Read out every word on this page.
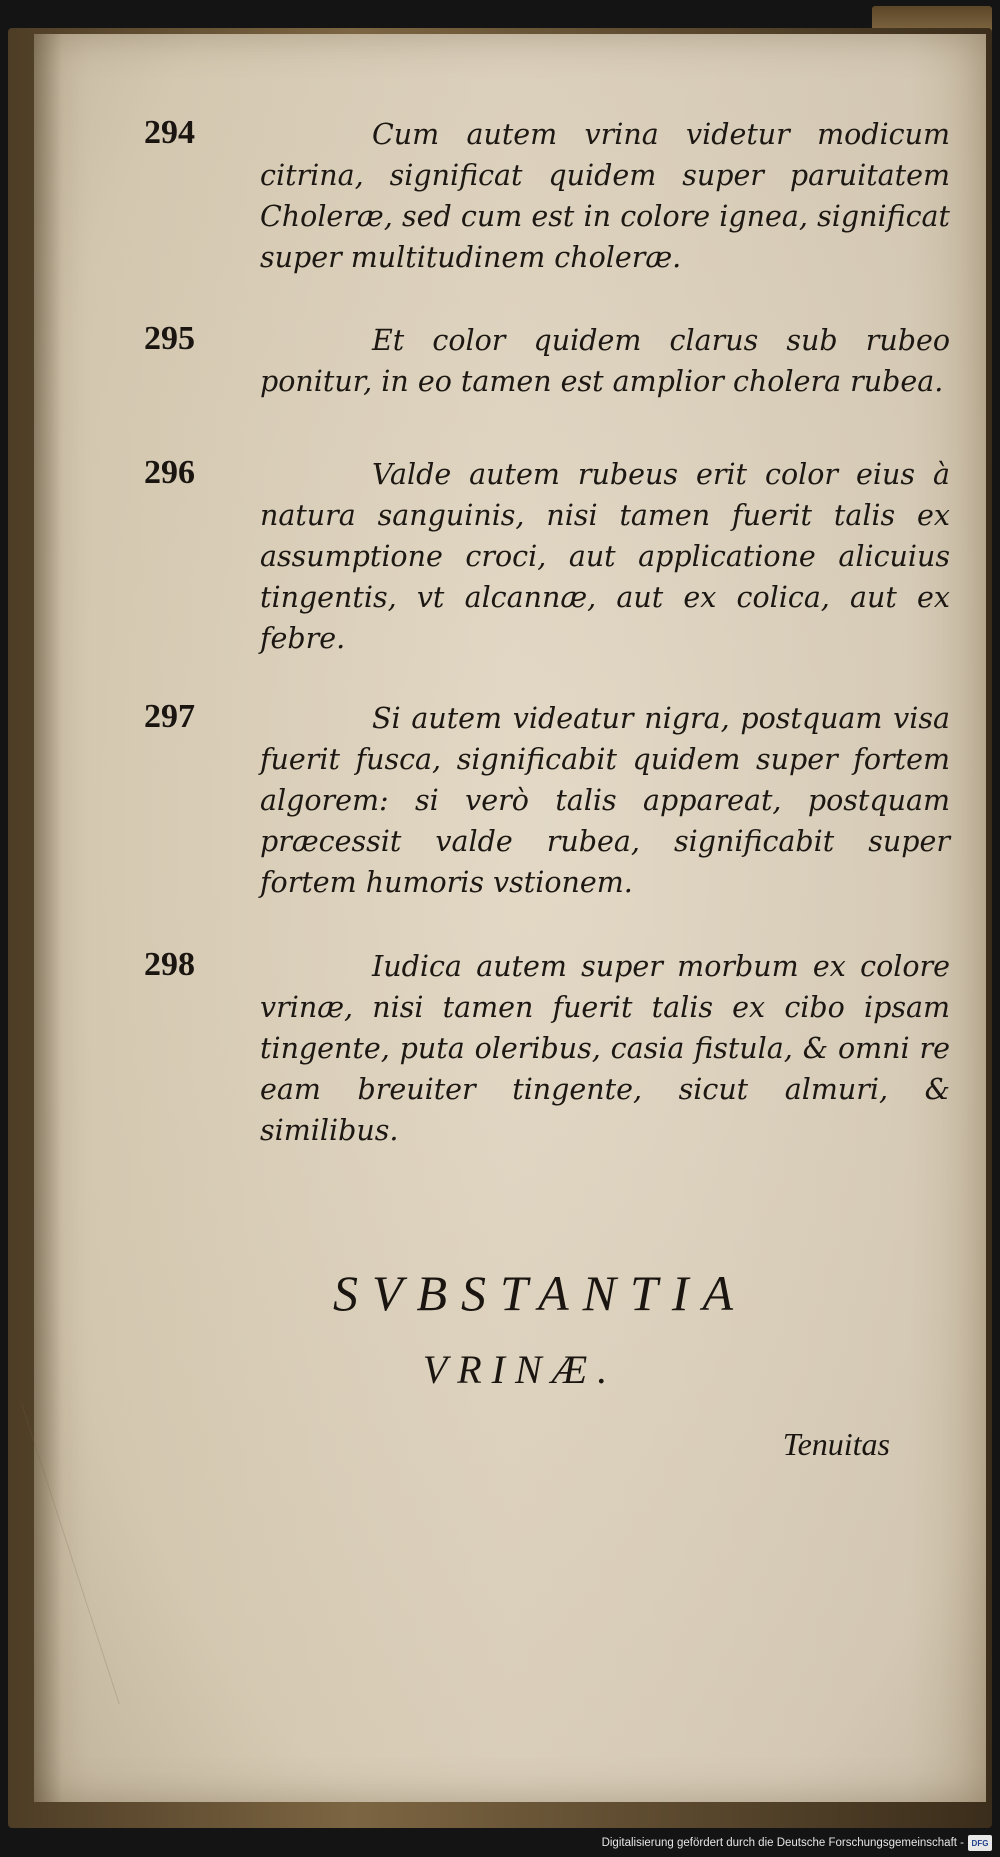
294	Cum autem vrina videtur modicum citrina, significat quidem super paruitatem Choleræ, sed cum est in colore ignea, significat super multitudinem choleræ.

295	Et color quidem clarus sub rubeo ponitur, in eo tamen est amplior cholera rubea.

296	Valde autem rubeus erit color eius à natura sanguinis, nisi tamen fuerit talis ex assumptione croci, aut applicatione alicuius tingentis, vt alcannæ, aut ex colica, aut ex febre.

297	Si autem videatur nigra, postquam visa fuerit fusca, significabit quidem super fortem algorem: si verò talis appareat, postquam præcessit valde rubea, significabit super fortem humoris vstionem.

298	Iudica autem super morbum ex colore vrinæ, nisi tamen fuerit talis ex cibo ipsam tingente, puta oleribus, casia fistula, & omni re eam breuiter tingente, sicut almuri, & similibus.

SVBSTANTIA

VRINÆ.

Tenuitas
Digitalisierung gefördert durch die Deutsche Forschungsgemeinschaft - DFG
